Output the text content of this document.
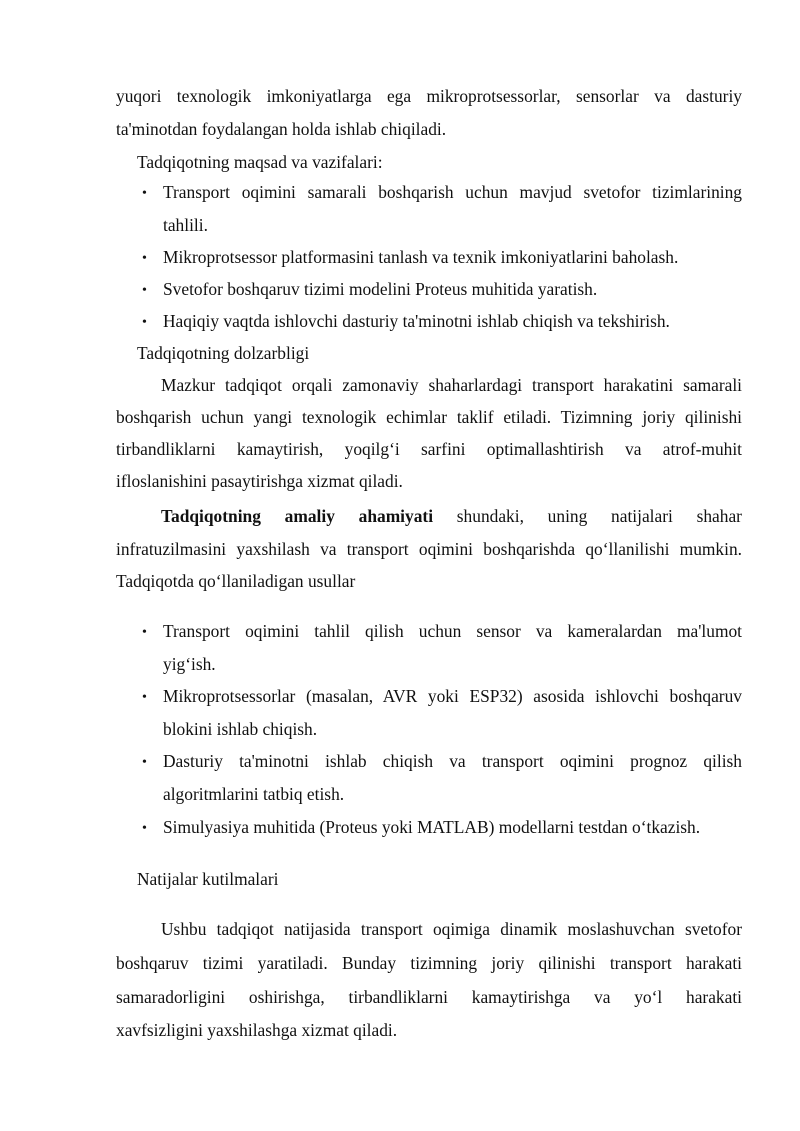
yuqori texnologik imkoniyatlarga ega mikroprotsessorlar, sensorlar va dasturiy
ta'minotdan foydalangan holda ishlab chiqiladi.
Tadqiqotning maqsad va vazifalari:
• Transport oqimini samarali boshqarish uchun mavjud svetofor tizimlarining
tahlili.
• Mikroprotsessor platformasini tanlash va texnik imkoniyatlarini baholash.
• Svetofor boshqaruv tizimi modelini Proteus muhitida yaratish.
• Haqiqiy vaqtda ishlovchi dasturiy ta'minotni ishlab chiqish va tekshirish.
Tadqiqotning dolzarbligi
Mazkur tadqiqot orqali zamonaviy shaharlardagi transport harakatini samarali
boshqarish uchun yangi texnologik echimlar taklif etiladi. Tizimning joriy qilinishi
tirbandliklarni kamaytirish, yoqilg‘i sarfini optimallashtirish va atrof-muhit
ifloslanishini pasaytirishga xizmat qiladi.
Tadqiqotning amaliy ahamiyati shundaki, uning natijalari shahar
infratuzilmasini yaxshilash va transport oqimini boshqarishda qo‘llanilishi mumkin.
Tadqiqotda qo‘llaniladigan usullar
• Transport oqimini tahlil qilish uchun sensor va kameralardan ma'lumot
yig‘ish.
• Mikroprotsessorlar (masalan, AVR yoki ESP32) asosida ishlovchi boshqaruv
blokini ishlab chiqish.
• Dasturiy ta'minotni ishlab chiqish va transport oqimini prognoz qilish
algoritmlarini tatbiq etish.
• Simulyasiya muhitida (Proteus yoki MATLAB) modellarni testdan o‘tkazish.
Natijalar kutilmalari
Ushbu tadqiqot natijasida transport oqimiga dinamik moslashuvchan svetofor
boshqaruv tizimi yaratiladi. Bunday tizimning joriy qilinishi transport harakati
samaradorligini oshirishga, tirbandliklarni kamaytirishga va yo‘l harakati
xavfsizligini yaxshilashga xizmat qiladi.
